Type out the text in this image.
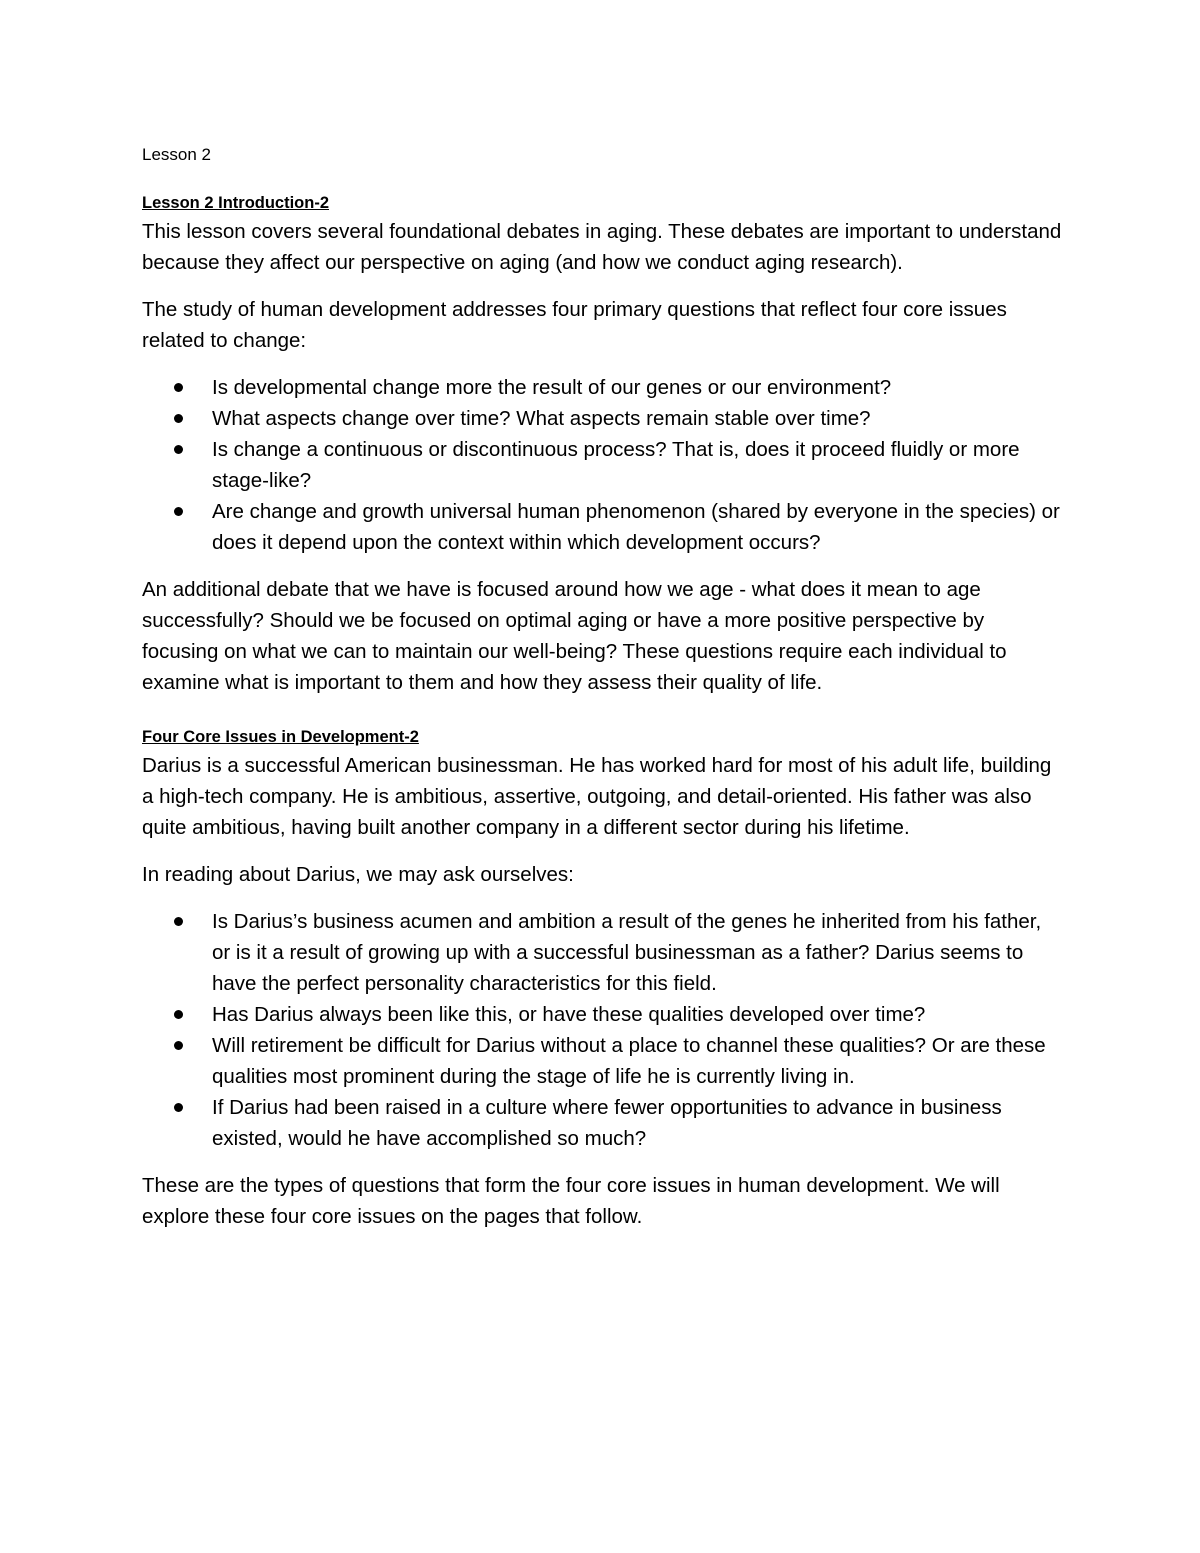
Lesson 2
Lesson 2 Introduction-2

This lesson covers several foundational debates in aging. These debates are important to understand because they affect our perspective on aging (and how we conduct aging research).

The study of human development addresses four primary questions that reflect four core issues related to change:

Is developmental change more the result of our genes or our environment?
What aspects change over time? What aspects remain stable over time?
Is change a continuous or discontinuous process? That is, does it proceed fluidly or more stage-like?
Are change and growth universal human phenomenon (shared by everyone in the species) or does it depend upon the context within which development occurs?

An additional debate that we have is focused around how we age - what does it mean to age successfully? Should we be focused on optimal aging or have a more positive perspective by focusing on what we can to maintain our well-being? These questions require each individual to examine what is important to them and how they assess their quality of life.

Four Core Issues in Development-2

Darius is a successful American businessman. He has worked hard for most of his adult life, building a high-tech company. He is ambitious, assertive, outgoing, and detail-oriented. His father was also quite ambitious, having built another company in a different sector during his lifetime.

In reading about Darius, we may ask ourselves:

Is Darius’s business acumen and ambition a result of the genes he inherited from his father, or is it a result of growing up with a successful businessman as a father? Darius seems to have the perfect personality characteristics for this field.
Has Darius always been like this, or have these qualities developed over time?
Will retirement be difficult for Darius without a place to channel these qualities? Or are these qualities most prominent during the stage of life he is currently living in.
If Darius had been raised in a culture where fewer opportunities to advance in business existed, would he have accomplished so much?

These are the types of questions that form the four core issues in human development. We will explore these four core issues on the pages that follow.
